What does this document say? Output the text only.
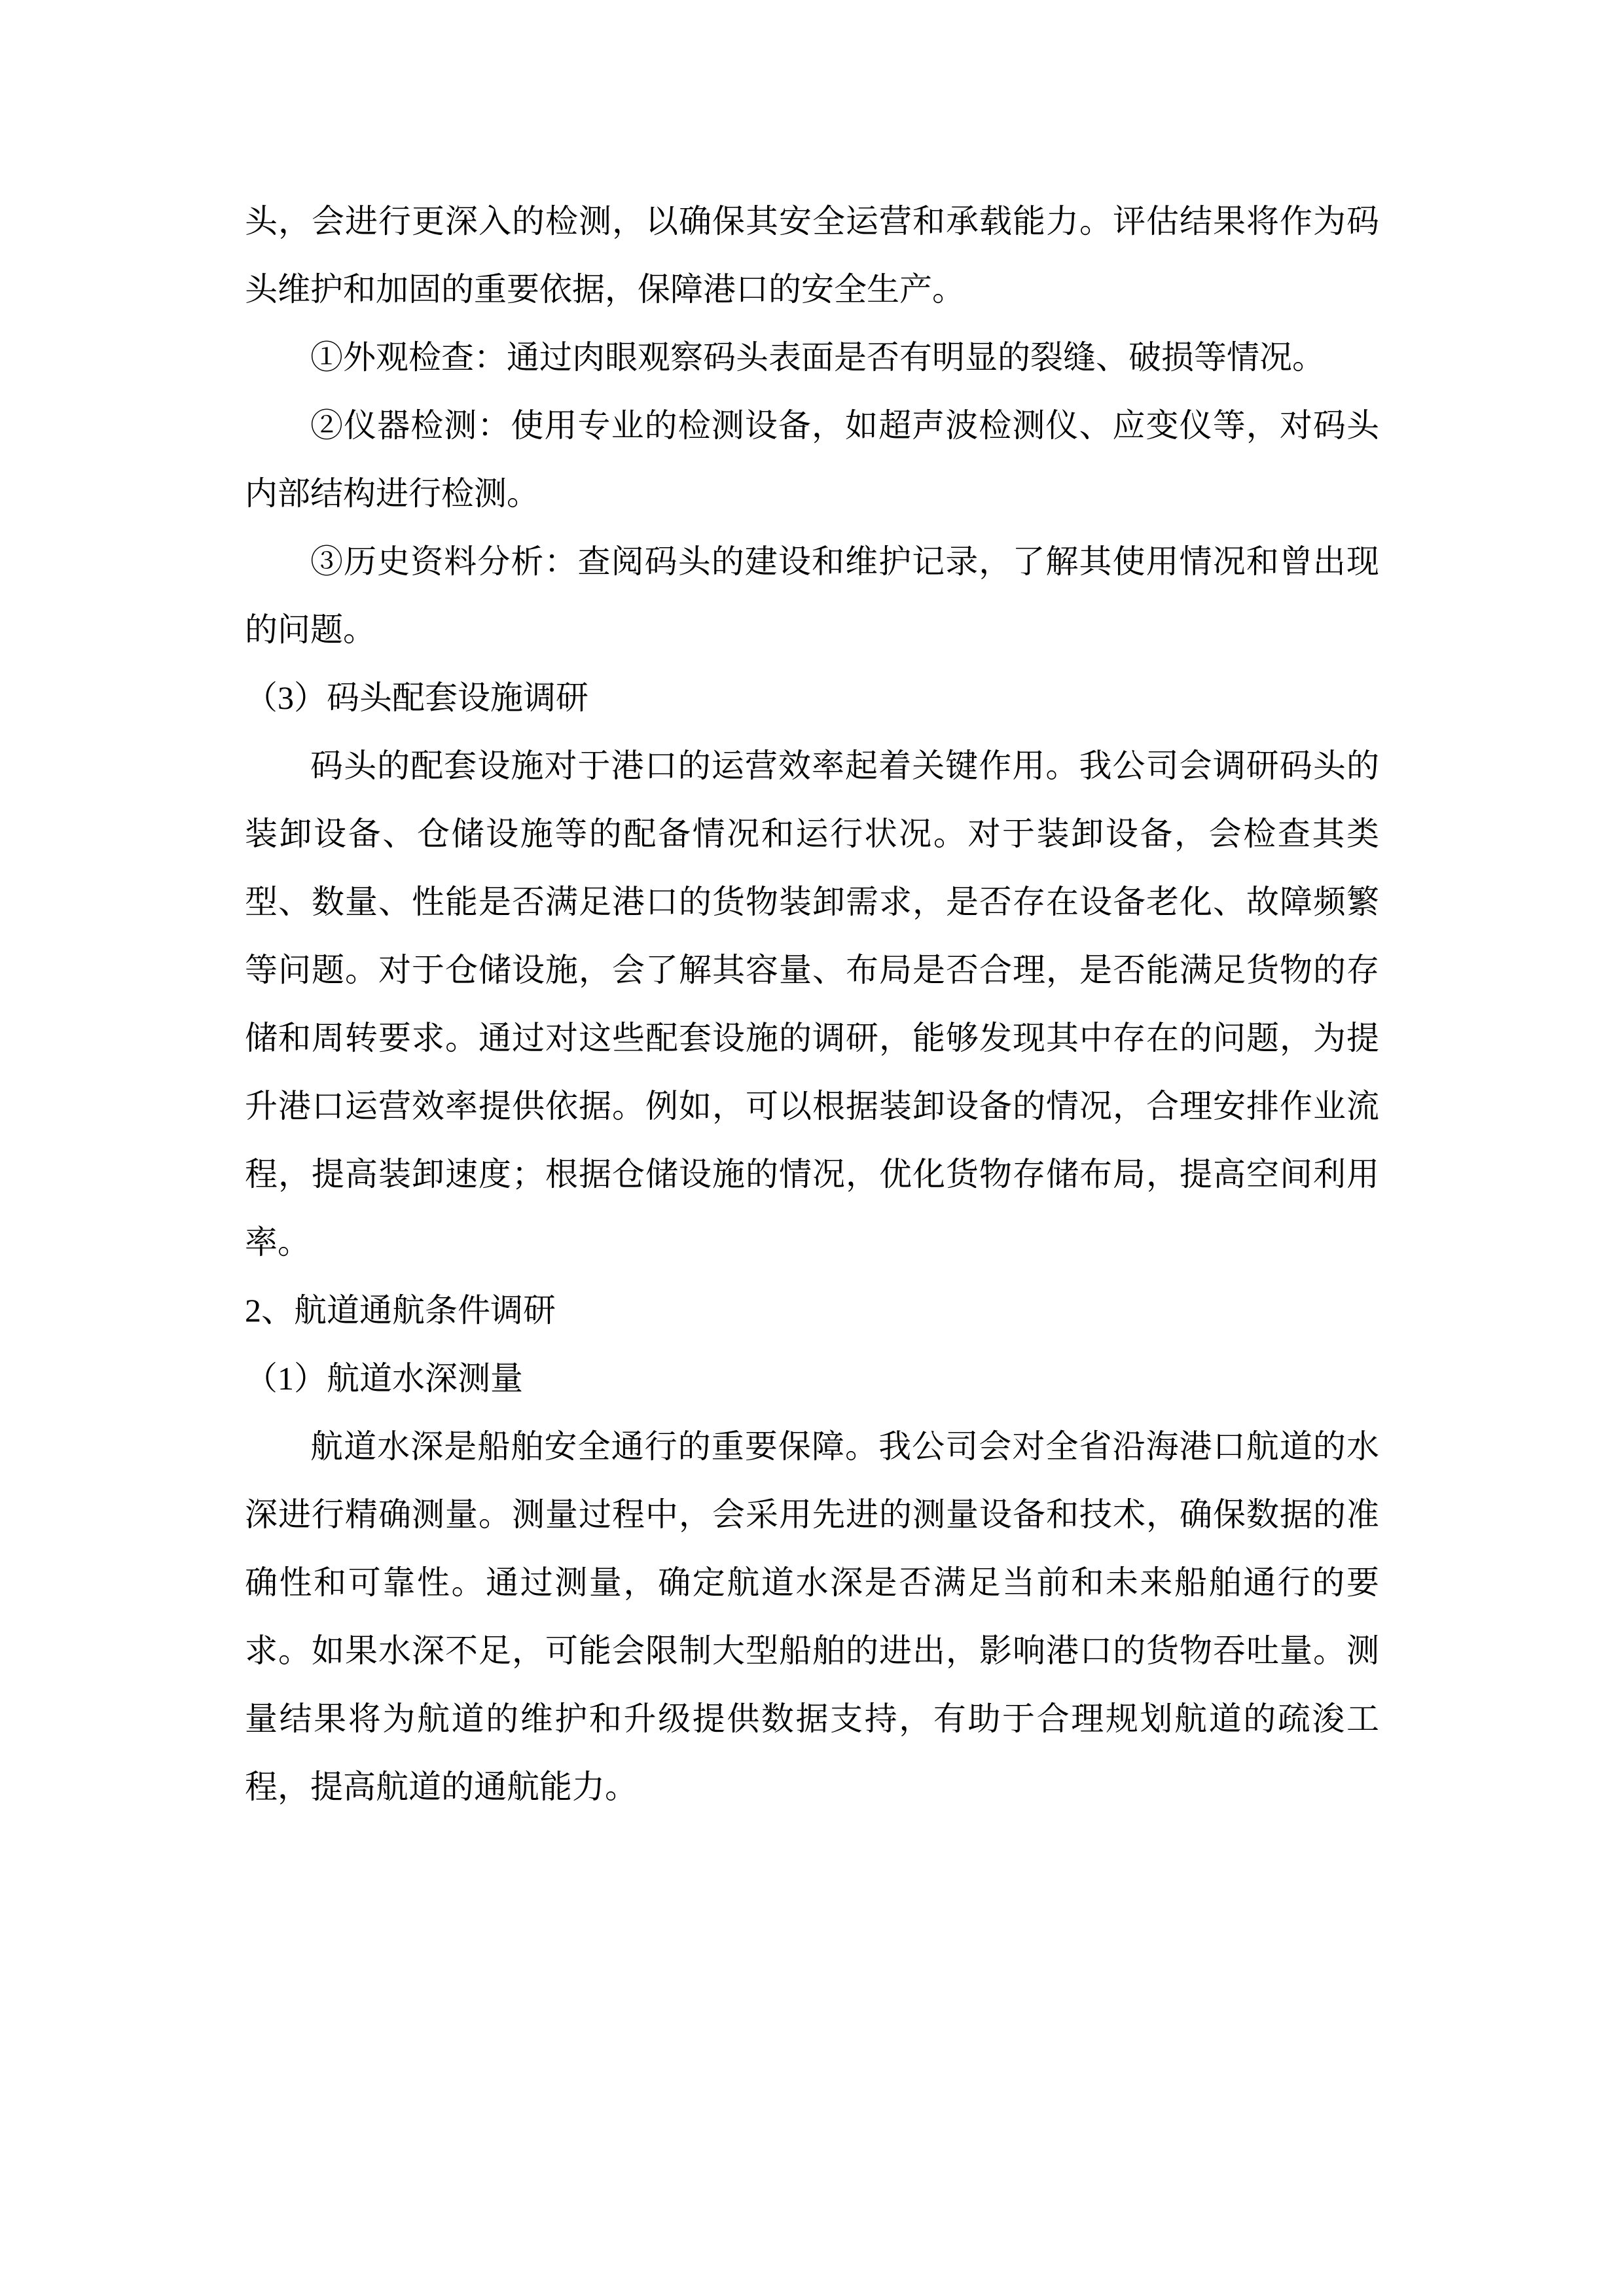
头，会进行更深入的检测，以确保其安全运营和承载能力。评估结果将作为码头维护和加固的重要依据，保障港口的安全生产。

①外观检查：通过肉眼观察码头表面是否有明显的裂缝、破损等情况。

②仪器检测：使用专业的检测设备，如超声波检测仪、应变仪等，对码头内部结构进行检测。

③历史资料分析：查阅码头的建设和维护记录，了解其使用情况和曾出现的问题。

（3）码头配套设施调研

码头的配套设施对于港口的运营效率起着关键作用。我公司会调研码头的装卸设备、仓储设施等的配备情况和运行状况。对于装卸设备，会检查其类型、数量、性能是否满足港口的货物装卸需求，是否存在设备老化、故障频繁等问题。对于仓储设施，会了解其容量、布局是否合理，是否能满足货物的存储和周转要求。通过对这些配套设施的调研，能够发现其中存在的问题，为提升港口运营效率提供依据。例如，可以根据装卸设备的情况，合理安排作业流程，提高装卸速度；根据仓储设施的情况，优化货物存储布局，提高空间利用率。

2、航道通航条件调研

（1）航道水深测量

航道水深是船舶安全通行的重要保障。我公司会对全省沿海港口航道的水深进行精确测量。测量过程中，会采用先进的测量设备和技术，确保数据的准确性和可靠性。通过测量，确定航道水深是否满足当前和未来船舶通行的要求。如果水深不足，可能会限制大型船舶的进出，影响港口的货物吞吐量。测量结果将为航道的维护和升级提供数据支持，有助于合理规划航道的疏浚工程，提高航道的通航能力。
